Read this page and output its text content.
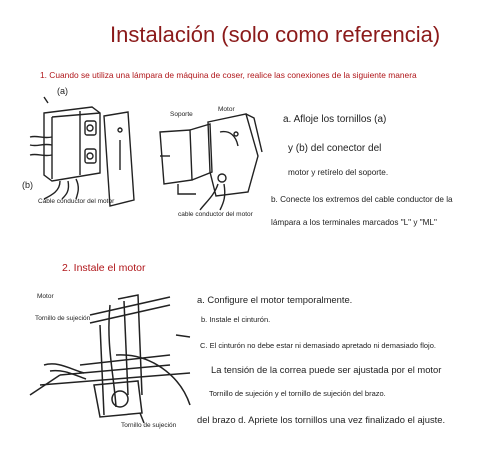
Instalación (solo como referencia)
1. Cuando se utiliza una lámpara de máquina de coser, realice las conexiones de la siguiente manera
(a)
(b)
Soporte
Motor
Cable conductor del motor
cable conductor del motor
a. Afloje los tornillos (a)
y (b) del conector del
motor y retírelo del soporte.
b. Conecte los extremos del cable conductor de la
lámpara a los terminales marcados "L" y "ML"
2. Instale el motor
Motor
Tornillo de sujeción
Tornillo de sujeción
a. Configure el motor temporalmente.
b. Instale el cinturón.
C. El cinturón no debe estar ni demasiado apretado ni demasiado flojo.
La tensión de la correa puede ser ajustada por el motor
Tornillo de sujeción y el tornillo de sujeción del brazo.
del brazo d. Apriete los tornillos una vez finalizado el ajuste.
